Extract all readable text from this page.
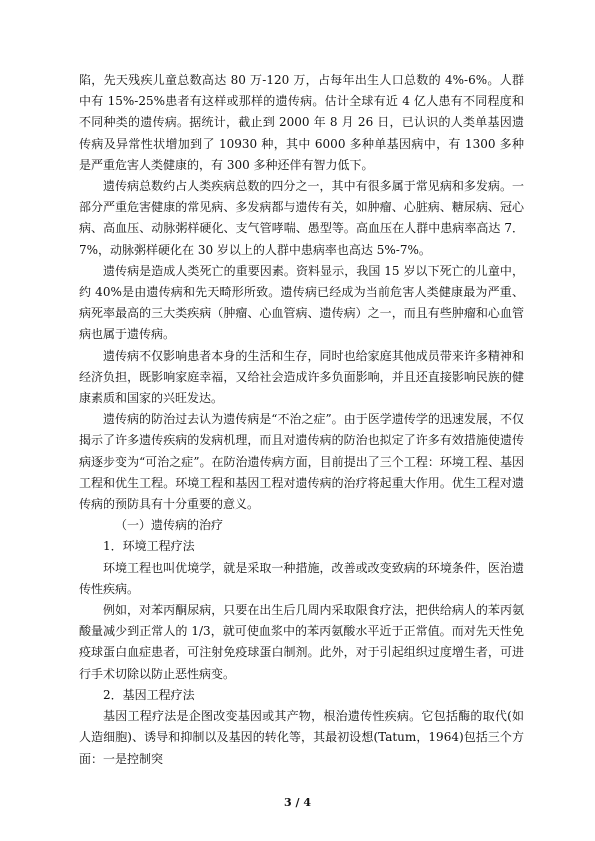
陷，先天残疾儿童总数高达 80 万-120 万，占每年出生人口总数的 4%-6%。人群中有 15%-25%患者有这样或那样的遗传病。估计全球有近 4 亿人患有不同程度和不同种类的遗传病。据统计，截止到 2000 年 8 月 26 日，已认识的人类单基因遗传病及异常性状增加到了 10930 种，其中 6000 多种单基因病中，有 1300 多种是严重危害人类健康的，有 300 多种还伴有智力低下。

遗传病总数约占人类疾病总数的四分之一，其中有很多属于常见病和多发病。一部分严重危害健康的常见病、多发病都与遗传有关，如肿瘤、心脏病、糖尿病、冠心病、高血压、动脉粥样硬化、支气管哮喘、愚型等。高血压在人群中患病率高达 7．7%，动脉粥样硬化在 30 岁以上的人群中患病率也高达 5%-7%。

遗传病是造成人类死亡的重要因素。资料显示，我国 15 岁以下死亡的儿童中，约 40%是由遗传病和先天畸形所致。遗传病已经成为当前危害人类健康最为严重、病死率最高的三大类疾病（肿瘤、心血管病、遗传病）之一，而且有些肿瘤和心血管病也属于遗传病。

遗传病不仅影响患者本身的生活和生存，同时也给家庭其他成员带来许多精神和经济负担，既影响家庭幸福，又给社会造成许多负面影响，并且还直接影响民族的健康素质和国家的兴旺发达。

遗传病的防治过去认为遗传病是“不治之症”。由于医学遗传学的迅速发展，不仅揭示了许多遗传疾病的发病机理，而且对遗传病的防治也拟定了许多有效措施使遗传病逐步变为“可治之症”。在防治遗传病方面，目前提出了三个工程：环境工程、基因工程和优生工程。环境工程和基因工程对遗传病的治疗将起重大作用。优生工程对遗传病的预防具有十分重要的意义。

（一）遗传病的治疗

1．环境工程疗法

环境工程也叫优境学，就是采取一种措施，改善或改变致病的环境条件，医治遗传性疾病。

例如，对苯丙酮尿病，只要在出生后几周内采取限食疗法，把供给病人的苯丙氨酸量减少到正常人的 1/3，就可使血浆中的苯丙氨酸水平近于正常值。而对先天性免疫球蛋白血症患者，可注射免疫球蛋白制剂。此外，对于引起组织过度增生者，可进行手术切除以防止恶性病变。

2．基因工程疗法

基因工程疗法是企图改变基因或其产物，根治遗传性疾病。它包括酶的取代(如人造细胞)、诱导和抑制以及基因的转化等，其最初设想(Tatum，1964)包括三个方面：一是控制突

3 / 4
